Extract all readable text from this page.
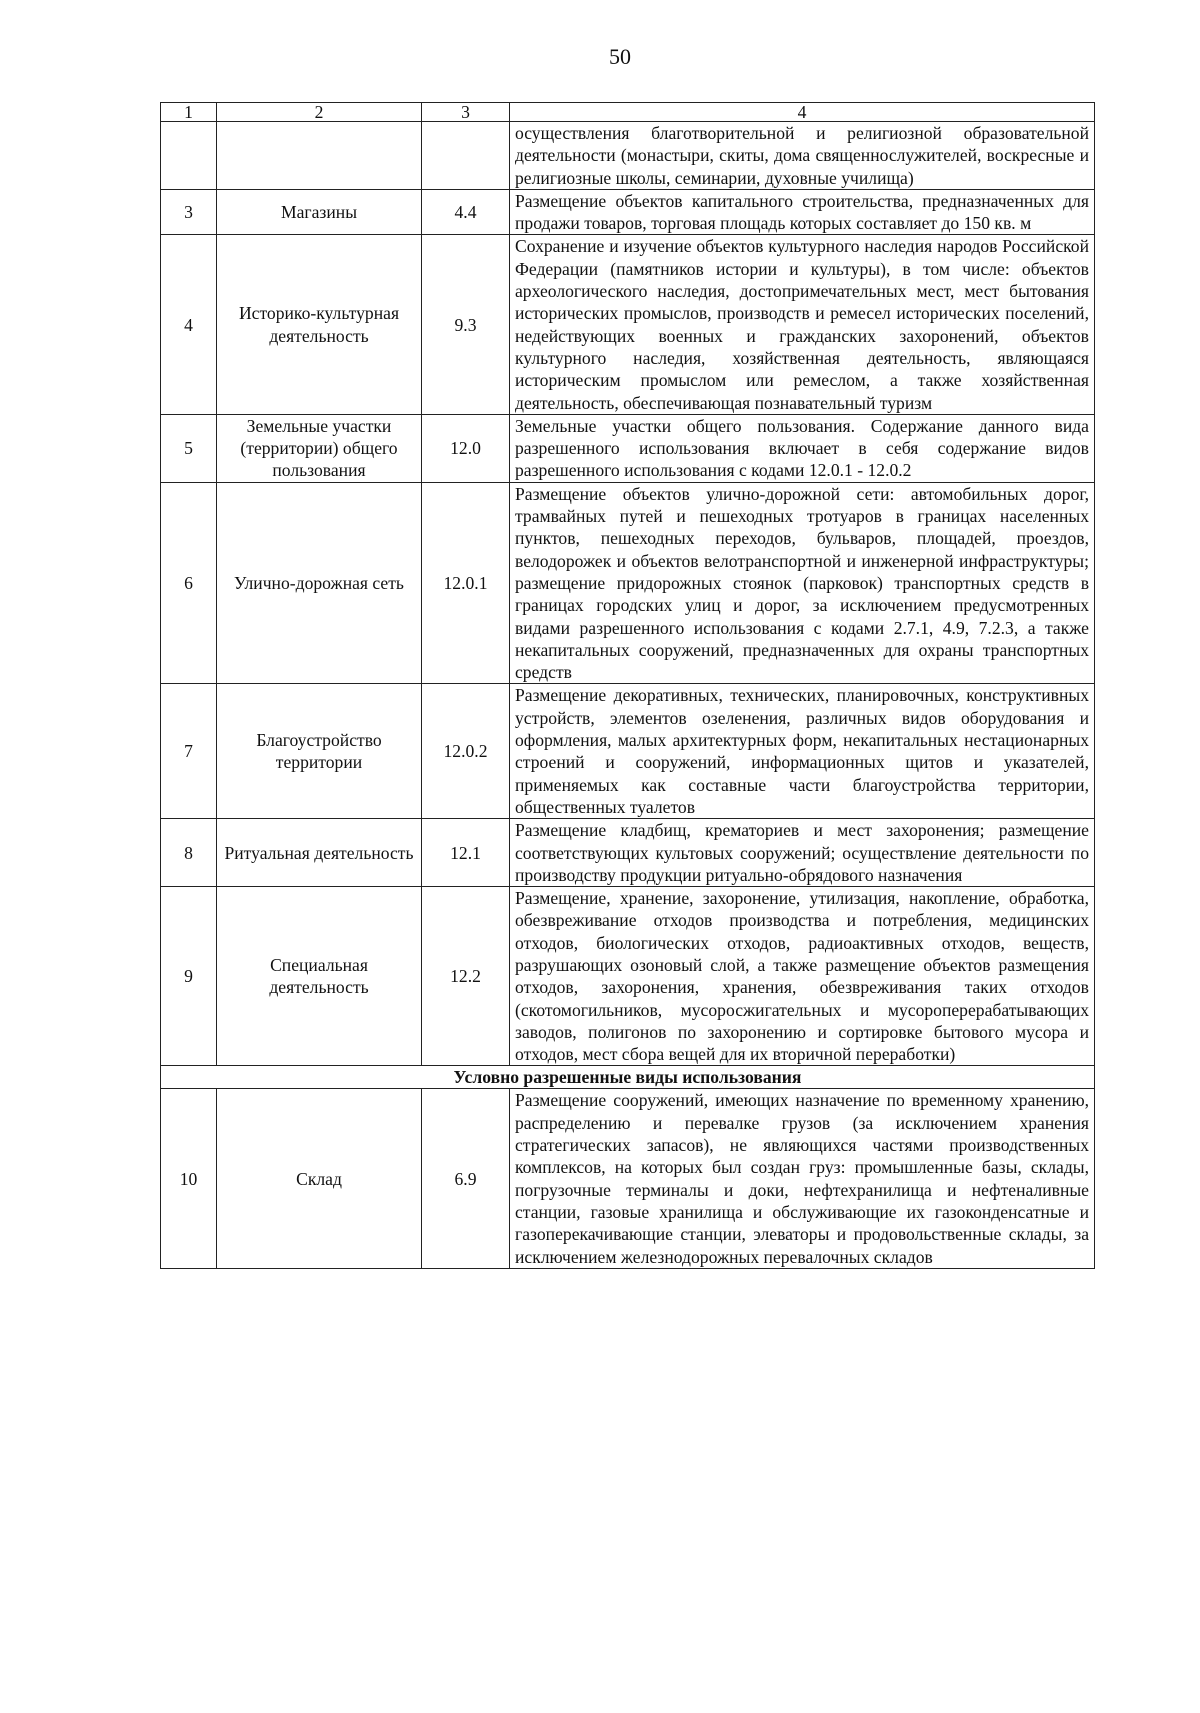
50
1	2	3	4
			осуществления благотворительной и религиозной образовательной деятельности (монастыри, скиты, дома священнослужителей, воскресные и религиозные школы, семинарии, духовные училища)
3	Магазины	4.4	Размещение объектов капитального строительства, предназначенных для продажи товаров, торговая площадь которых составляет до 150 кв. м
4	Историко-культурная деятельность	9.3	Сохранение и изучение объектов культурного наследия народов Российской Федерации (памятников истории и культуры), в том числе: объектов археологического наследия, достопримечательных мест, мест бытования исторических промыслов, производств и ремесел исторических поселений, недействующих военных и гражданских захоронений, объектов культурного наследия, хозяйственная деятельность, являющаяся историческим промыслом или ремеслом, а также хозяйственная деятельность, обеспечивающая познавательный туризм
5	Земельные участки (территории) общего пользования	12.0	Земельные участки общего пользования. Содержание данного вида разрешенного использования включает в себя содержание видов разрешенного использования с кодами 12.0.1 - 12.0.2
6	Улично-дорожная сеть	12.0.1	Размещение объектов улично-дорожной сети: автомобильных дорог, трамвайных путей и пешеходных тротуаров в границах населенных пунктов, пешеходных переходов, бульваров, площадей, проездов, велодорожек и объектов велотранспортной и инженерной инфраструктуры; размещение придорожных стоянок (парковок) транспортных средств в границах городских улиц и дорог, за исключением предусмотренных видами разрешенного использования с кодами 2.7.1, 4.9, 7.2.3, а также некапитальных сооружений, предназначенных для охраны транспортных средств
7	Благоустройство территории	12.0.2	Размещение декоративных, технических, планировочных, конструктивных устройств, элементов озеленения, различных видов оборудования и оформления, малых архитектурных форм, некапитальных нестационарных строений и сооружений, информационных щитов и указателей, применяемых как составные части благоустройства территории, общественных туалетов
8	Ритуальная деятельность	12.1	Размещение кладбищ, крематориев и мест захоронения; размещение соответствующих культовых сооружений; осуществление деятельности по производству продукции ритуально-обрядового назначения
9	Специальная деятельность	12.2	Размещение, хранение, захоронение, утилизация, накопление, обработка, обезвреживание отходов производства и потребления, медицинских отходов, биологических отходов, радиоактивных отходов, веществ, разрушающих озоновый слой, а также размещение объектов размещения отходов, захоронения, хранения, обезвреживания таких отходов (скотомогильников, мусоросжигательных и мусороперерабатывающих заводов, полигонов по захоронению и сортировке бытового мусора и отходов, мест сбора вещей для их вторичной переработки)
Условно разрешенные виды использования			
10	Склад	6.9	Размещение сооружений, имеющих назначение по временному хранению, распределению и перевалке грузов (за исключением хранения стратегических запасов), не являющихся частями производственных комплексов, на которых был создан груз: промышленные базы, склады, погрузочные терминалы и доки, нефтехранилища и нефтеналивные станции, газовые хранилища и обслуживающие их газоконденсатные и газоперекачивающие станции, элеваторы и продовольственные склады, за исключением железнодорожных перевалочных складов
